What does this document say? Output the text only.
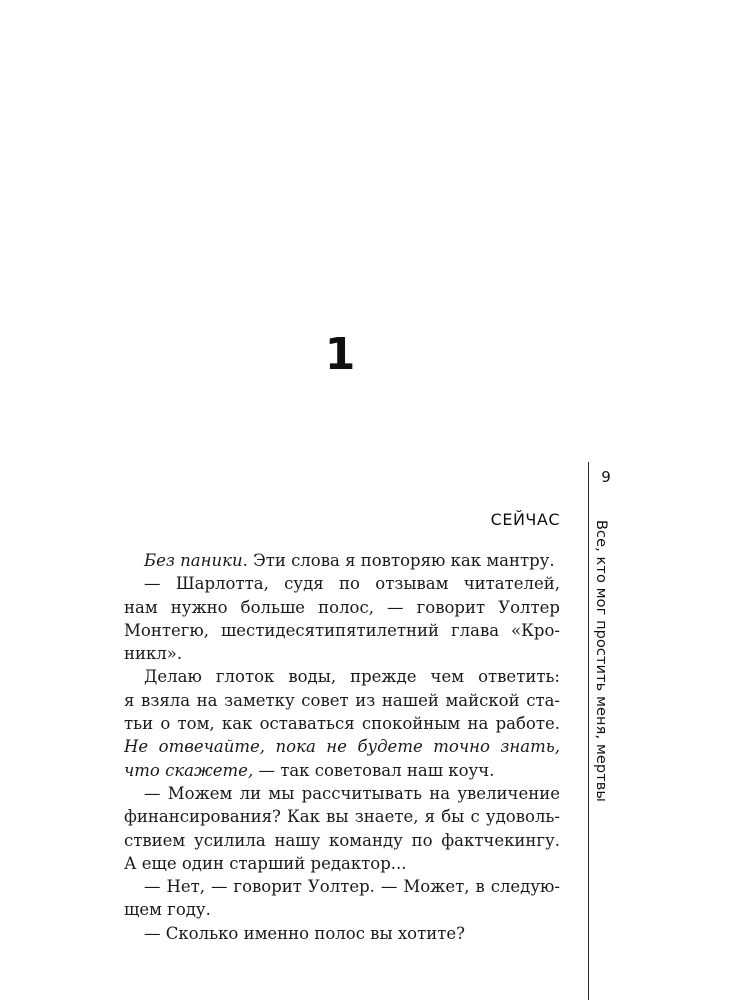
1
9
Все, кто мог простить меня, мертвы
СЕЙЧАС
Без паники. Эти слова я повторяю как мантру.
— Шарлотта, судя по отзывам читателей,
нам нужно больше полос, — говорит Уолтер
Монтегю, шестидесятипятилетний глава «Кро-
никл».
Делаю глоток воды, прежде чем ответить:
я взяла на заметку совет из нашей майской ста-
тьи о том, как оставаться спокойным на работе.
Не отвечайте, пока не будете точно знать,
что скажете, — так советовал наш коуч.
— Можем ли мы рассчитывать на увеличение
финансирования? Как вы знаете, я бы с удоволь-
ствием усилила нашу команду по фактчекингу.
А еще один старший редактор...
— Нет, — говорит Уолтер. — Может, в следую-
щем году.
— Сколько именно полос вы хотите?
